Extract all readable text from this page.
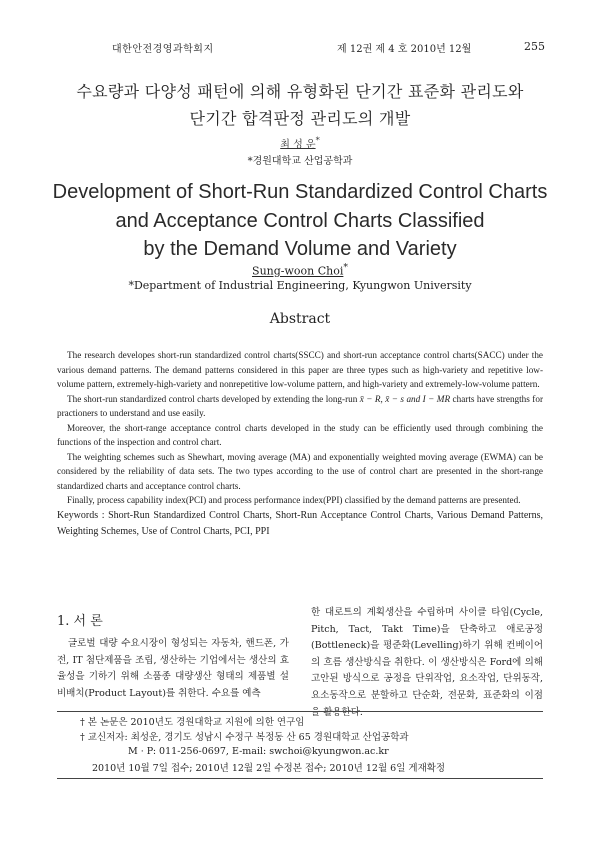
대한안전경영과학회지	제 12권 제 4 호 2010년 12월	255
수요량과 다양성 패턴에 의해 유형화된 단기간 표준화 관리도와
단기간 합격판정 관리도의 개발
최 성 운*
*경원대학교 산업공학과
Development of Short-Run Standardized Control Charts
and Acceptance Control Charts Classified
by the Demand Volume and Variety
Sung-woon Choi*
*Department of Industrial Engineering, Kyungwon University
Abstract

The research developes short-run standardized control charts(SSCC) and short-run acceptance control charts(SACC) under the various demand patterns. The demand patterns considered in this paper are three types such as high-variety and repetitive low-volume pattern, extremely-high-variety and nonrepetitive low-volume pattern, and high-variety and extremely-low-volume pattern.

The short-run standardized control charts developed by extending the long-run x̄ − R, x̄ − s and I − MR charts have strengths for practioners to understand and use easily.

Moreover, the short-range acceptance control charts developed in the study can be efficiently used through combining the functions of the inspection and control chart.

The weighting schemes such as Shewhart, moving average (MA) and exponentially weighted moving average (EWMA) can be considered by the reliability of data sets. The two types according to the use of control chart are presented in the short-range standardized charts and acceptance control charts.

Finally, process capability index(PCI) and process performance index(PPI) classified by the demand patterns are presented.

Keywords : Short-Run Standardized Control Charts, Short-Run Acceptance Control Charts, Various Demand Patterns, Weighting Schemes, Use of Control Charts, PCI, PPI

1. 서 론

글로벌 대량 수요시장이 형성되는 자동차, 핸드폰, 가전, IT 첨단제품을 조립, 생산하는 기업에서는 생산의 효율성을 기하기 위해 소품종 대량생산 형태의 제품별 설비배치(Product Layout)를 취한다. 수요를 예측

한 대로트의 계획생산을 수립하며 사이클 타임(Cycle, Pitch, Tact, Takt Time)을 단축하고 애로공정(Bottleneck)을 평준화(Levelling)하기 위해 컨베이어의 흐름 생산방식을 취한다. 이 생산방식은 Ford에 의해 고안된 방식으로 공정을 단위작업, 요소작업, 단위동작, 요소동작으로 분할하고 단순화, 전문화, 표준화의 이점을 활용한다.

† 본 논문은 2010년도 경원대학교 지원에 의한 연구임
† 교신저자: 최성운, 경기도 성남시 수정구 복정동 산 65 경원대학교 산업공학과
M · P: 011-256-0697, E-mail: swchoi@kyungwon.ac.kr
2010년 10월 7일 접수; 2010년 12월 2일 수정본 접수; 2010년 12월 6일 게재확정
